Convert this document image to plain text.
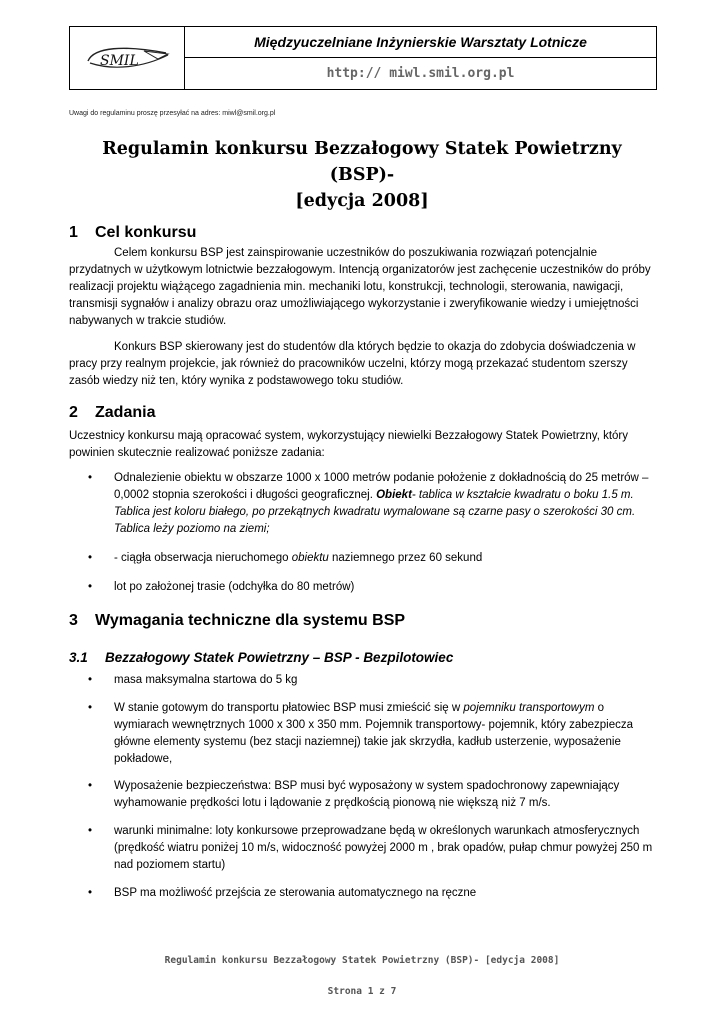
SMIL
Międzyuczelniane Inżynierskie Warsztaty Lotnicze
http:// miwl.smil.org.pl
Uwagi do regulaminu proszę przesyłać na adres: miwl@smil.org.pl
Regulamin konkursu Bezzałogowy Statek Powietrzny (BSP)-
[edycja 2008]
1 Cel konkursu
Celem konkursu BSP jest zainspirowanie uczestników do poszukiwania rozwiązań potencjalnie przydatnych w użytkowym lotnictwie bezzałogowym. Intencją organizatorów jest zachęcenie uczestników do próby realizacji projektu wiążącego zagadnienia min. mechaniki lotu, konstrukcji, technologii, sterowania, nawigacji, transmisji sygnałów i analizy obrazu oraz umożliwiającego wykorzystanie i zweryfikowanie wiedzy i umiejętności nabywanych w trakcie studiów.
Konkurs BSP skierowany jest do studentów dla których będzie to okazja do zdobycia doświadczenia w pracy przy realnym projekcie, jak również do pracowników uczelni, którzy mogą przekazać studentom szerszy zasób wiedzy niż ten, który wynika z podstawowego toku studiów.
2 Zadania
Uczestnicy konkursu mają opracować system, wykorzystujący niewielki Bezzałogowy Statek Powietrzny, który powinien skutecznie realizować poniższe zadania:
• Odnalezienie obiektu w obszarze 1000 x 1000 metrów podanie położenie z dokładnością do 25 metrów – 0,0002 stopnia szerokości i długości geograficznej. Obiekt- tablica w kształcie kwadratu o boku 1.5 m. Tablica jest koloru białego, po przekątnych kwadratu wymalowane są czarne pasy o szerokości 30 cm. Tablica leży poziomo na ziemi;
• - ciągła obserwacja nieruchomego obiektu naziemnego przez 60 sekund
• lot po założonej trasie (odchyłka do 80 metrów)
3 Wymagania techniczne dla systemu BSP
3.1 Bezzałogowy Statek Powietrzny – BSP - Bezpilotowiec
• masa maksymalna startowa do 5 kg
• W stanie gotowym do transportu płatowiec BSP musi zmieścić się w pojemniku transportowym o wymiarach wewnętrznych 1000 x 300 x 350 mm. Pojemnik transportowy- pojemnik, który zabezpiecza główne elementy systemu (bez stacji naziemnej) takie jak skrzydła, kadłub usterzenie, wyposażenie pokładowe,
• Wyposażenie bezpieczeństwa: BSP musi być wyposażony w system spadochronowy zapewniający wyhamowanie prędkości lotu i lądowanie z prędkością pionową nie większą niż 7 m/s.
• warunki minimalne: loty konkursowe przeprowadzane będą w określonych warunkach atmosferycznych (prędkość wiatru poniżej 10 m/s, widoczność powyżej 2000 m , brak opadów, pułap chmur powyżej 250 m nad poziomem startu)
• BSP ma możliwość przejścia ze sterowania automatycznego na ręczne
Regulamin konkursu Bezzałogowy Statek Powietrzny (BSP)- [edycja 2008]
Strona 1 z 7
